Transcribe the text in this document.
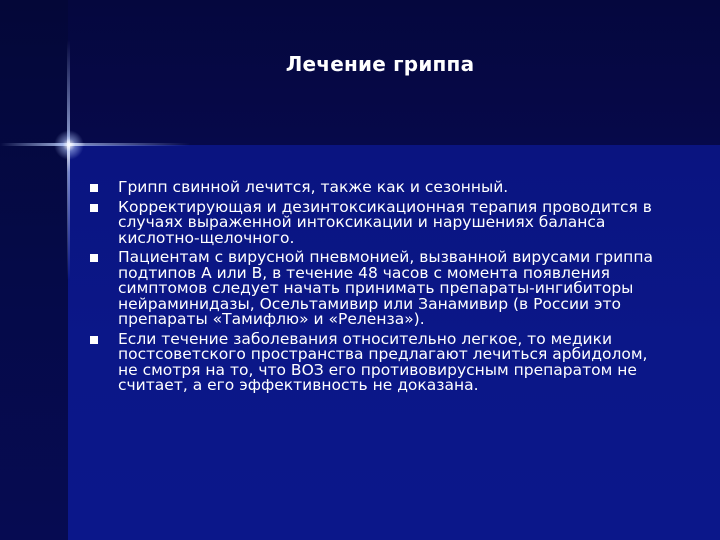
Лечение гриппа
Грипп свинной лечится, также как и сезонный.
Корректирующая и дезинтоксикационная терапия проводится в случаях выраженной интоксикации и нарушениях баланса кислотно-щелочного.
Пациентам с вирусной пневмонией, вызванной вирусами гриппа подтипов А или В, в течение 48 часов с момента появления симптомов следует начать принимать препараты-ингибиторы нейраминидазы, Осельтамивир или Занамивир (в России это препараты «Тамифлю» и «Реленза»).
Если течение заболевания относительно легкое, то медики постсоветского пространства предлагают лечиться арбидолом, не смотря на то, что ВОЗ его противовирусным препаратом не считает, а его эффективность не доказана.
